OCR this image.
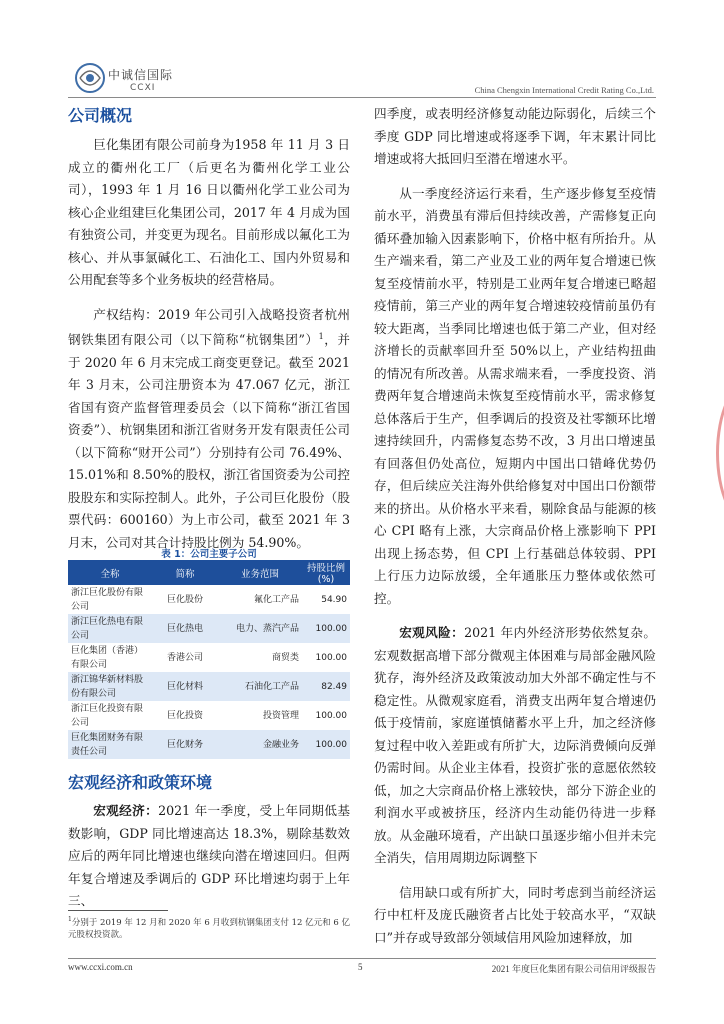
中诚信国际
CCXI	China Chengxin International Credit Rating Co.,Ltd.
公司概况

巨化集团有限公司前身为1958 年 11 月 3 日成立的衢州化工厂（后更名为衢州化学工业公司），1993 年 1 月 16 日以衢州化学工业公司为核心企业组建巨化集团公司，2017 年 4 月成为国有独资公司，并变更为现名。目前形成以氟化工为核心、并从事氯碱化工、石油化工、国内外贸易和公用配套等多个业务板块的经营格局。

产权结构：2019 年公司引入战略投资者杭州钢铁集团有限公司（以下简称“杭钢集团”）$^1$，并于 2020 年 6 月末完成工商变更登记。截至 2021 年 3 月末，公司注册资本为 47.067 亿元，浙江省国有资产监督管理委员会（以下简称“浙江省国资委”）、杭钢集团和浙江省财务开发有限责任公司（以下简称“财开公司”）分别持有公司 76.49%、15.01%和 8.50%的股权，浙江省国资委为公司控股股东和实际控制人。此外，子公司巨化股份（股票代码：600160）为上市公司，截至 2021 年 3 月末，公司对其合计持股比例为 54.90%。

表 1：公司主要子公司
全称	简称	业务范围	持股比例(%)
浙江巨化股份有限公司	巨化股份	氟化工产品	54.90
浙江巨化热电有限公司	巨化热电	电力、蒸汽产品	100.00
巨化集团（香港）有限公司	香港公司	商贸类	100.00
浙江锦华新材料股份有限公司	巨化材料	石油化工产品	82.49
浙江巨化投资有限公司	巨化投资	投资管理	100.00
巨化集团财务有限责任公司	巨化财务	金融业务	100.00
宏观经济和政策环境

宏观经济：2021 年一季度，受上年同期低基数影响，GDP 同比增速高达 18.3%，剔除基数效应后的两年同比增速也继续向潜在增速回归。但两年复合增速及季调后的 GDP 环比增速均弱于上年三、

$^1$分别于 2019 年 12 月和 2020 年 6 月收到杭钢集团支付 12 亿元和 6 亿元股权投资款。

四季度，或表明经济修复动能边际弱化，后续三个季度 GDP 同比增速或将逐季下调，年末累计同比增速或将大抵回归至潜在增速水平。

从一季度经济运行来看，生产逐步修复至疫情前水平，消费虽有滞后但持续改善，产需修复正向循环叠加输入因素影响下，价格中枢有所抬升。从生产端来看，第二产业及工业的两年复合增速已恢复至疫情前水平，特别是工业两年复合增速已略超疫情前，第三产业的两年复合增速较疫情前虽仍有较大距离，当季同比增速也低于第二产业，但对经济增长的贡献率回升至 50%以上，产业结构扭曲的情况有所改善。从需求端来看，一季度投资、消费两年复合增速尚未恢复至疫情前水平，需求修复总体落后于生产，但季调后的投资及社零额环比增速持续回升，内需修复态势不改，3 月出口增速虽有回落但仍处高位，短期内中国出口错峰优势仍存，但后续应关注海外供给修复对中国出口份额带来的挤出。从价格水平来看，剔除食品与能源的核心 CPI 略有上涨，大宗商品价格上涨影响下 PPI 出现上扬态势，但 CPI 上行基础总体较弱、PPI 上行压力边际放缓，全年通胀压力整体或依然可控。

宏观风险：2021 年内外经济形势依然复杂。宏观数据高增下部分微观主体困难与局部金融风险犹存，海外经济及政策波动加大外部不确定性与不稳定性。从微观家庭看，消费支出两年复合增速仍低于疫情前，家庭谨慎储蓄水平上升，加之经济修复过程中收入差距或有所扩大，边际消费倾向反弹仍需时间。从企业主体看，投资扩张的意愿依然较低，加之大宗商品价格上涨较快，部分下游企业的利润水平或被挤压，经济内生动能仍待进一步释放。从金融环境看，产出缺口虽逐步缩小但并未完全消失，信用周期边际调整下

信用缺口或有所扩大，同时考虑到当前经济运行中杠杆及庞氏融资者占比处于较高水平，“双缺口”并存或导致部分领域信用风险加速释放，加

www.ccxi.com.cn	5	2021 年度巨化集团有限公司信用评级报告
